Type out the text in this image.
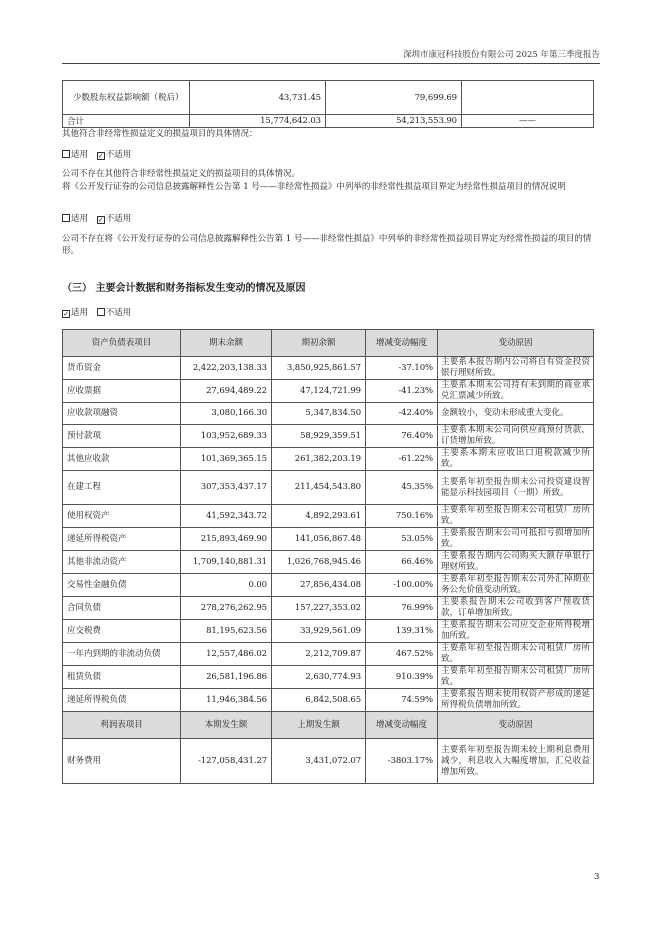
深圳市康冠科技股份有限公司 2025 年第三季度报告
少数股东权益影响额（税后）	43,731.45	79,699.69	
合计	15,774,642.03	54,213,553.90	——
其他符合非经常性损益定义的损益项目的具体情况：
适用 ✓ 不适用
公司不存在其他符合非经常性损益定义的损益项目的具体情况。
将《公开发行证券的公司信息披露解释性公告第 1 号——非经常性损益》中列举的非经常性损益项目界定为经常性损益项目的情况说明
适用 ✓ 不适用
公司不存在将《公开发行证券的公司信息披露解释性公告第 1 号——非经常性损益》中列举的非经常性损益项目界定为经常性损益的项目的情形。
（三） 主要会计数据和财务指标发生变动的情况及原因
✓ 适用 不适用
资产负债表项目	期末余额	期初余额	增减变动幅度	变动原因
货币资金	2,422,203,138.33	3,850,925,861.57	-37.10%	主要系本报告期内公司将自有资金投资银行理财所致。
应收票据	27,694,489.22	47,124,721.99	-41.23%	主要系本期末公司持有未到期的商业承兑汇票减少所致。
应收款项融资	3,080,166.30	5,347,834.50	-42.40%	金额较小，变动未形成重大变化。
预付款项	103,952,689.33	58,929,359.51	76.40%	主要系本期末公司向供应商预付货款，订货增加所致。
其他应收款	101,369,365.15	261,382,203.19	-61.22%	主要系本期末应收出口退税款减少所致。
在建工程	307,353,437.17	211,454,543.80	45.35%	主要系年初至报告期末公司投资建设智能显示科技园项目（一期）所致。
使用权资产	41,592,343.72	4,892,293.61	750.16%	主要系年初至报告期末公司租赁厂房所致。
递延所得税资产	215,893,469.90	141,056,867.48	53.05%	主要系报告期末公司可抵扣亏损增加所致。
其他非流动资产	1,709,140,881.31	1,026,768,945.46	66.46%	主要系报告期内公司购买大额存单银行理财所致。
交易性金融负债	0.00	27,856,434.08	-100.00%	主要系年初至报告期末公司外汇掉期业务公允价值变动所致。
合同负债	278,276,262.95	157,227,353.02	76.99%	主要系报告期末公司收到客户预收货款，订单增加所致。
应交税费	81,195,623.56	33,929,561.09	139.31%	主要系报告期末公司应交企业所得税增加所致。
一年内到期的非流动负债	12,557,486.02	2,212,709.87	467.52%	主要系年初至报告期末公司租赁厂房所致。
租赁负债	26,581,196.86	2,630,774.93	910.39%	主要系年初至报告期末公司租赁厂房所致。
递延所得税负债	11,946,384.56	6,842,508.65	74.59%	主要系报告期末使用权资产形成的递延所得税负债增加所致。
利润表项目	本期发生额	上期发生额	增减变动幅度	变动原因
财务费用	-127,058,431.27	3,431,072.07	-3803.17%	主要系年初至报告期末较上期利息费用减少，利息收入大幅度增加，汇兑收益增加所致。
3
